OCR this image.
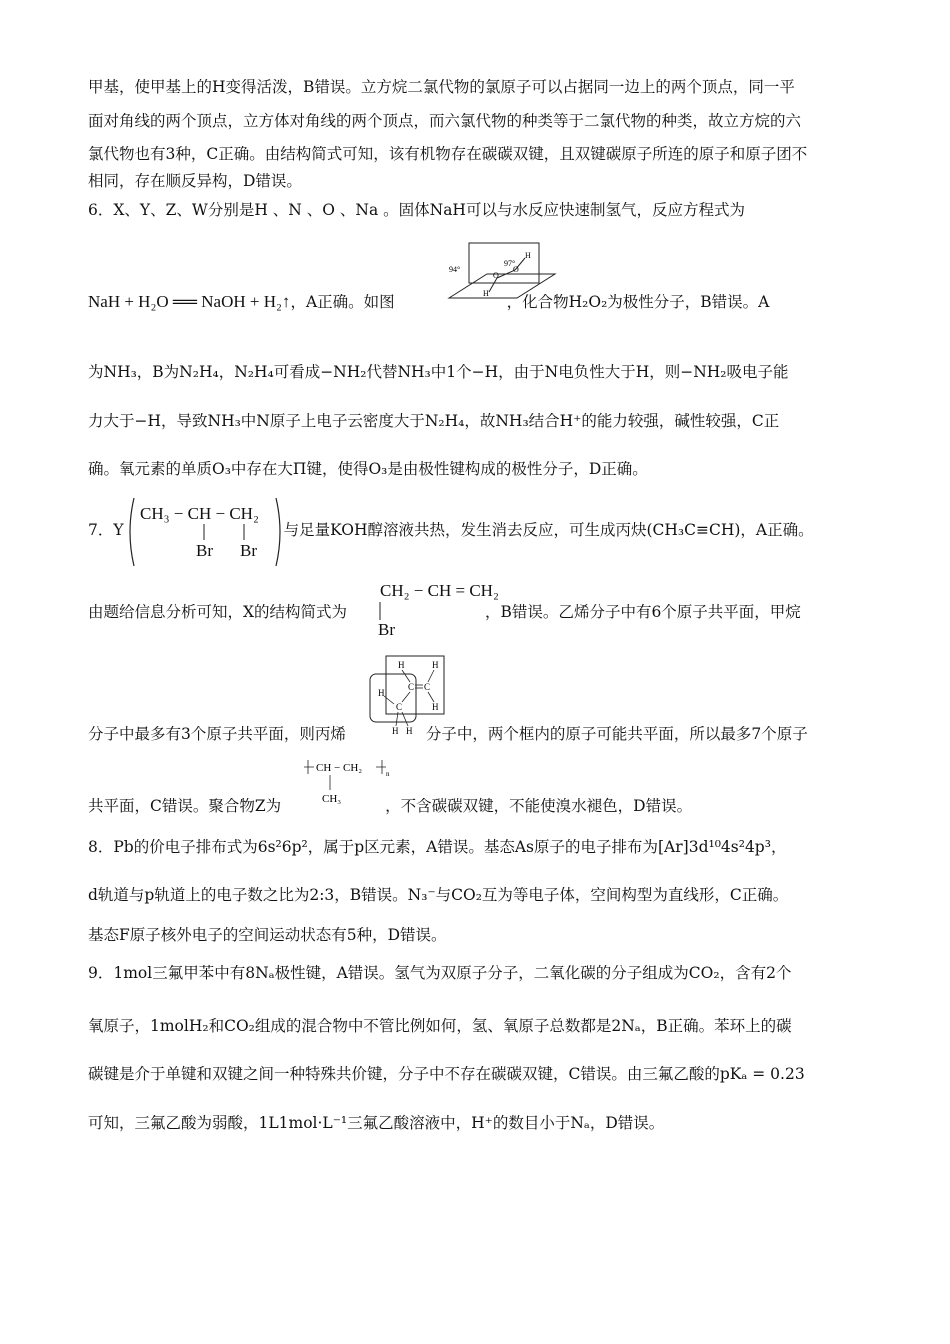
甲基，使甲基上的H变得活泼，B错误。立方烷二氯代物的氯原子可以占据同一边上的两个顶点，同一平
面对角线的两个顶点，立方体对角线的两个顶点，而六氯代物的种类等于二氯代物的种类，故立方烷的六
氯代物也有3种，C正确。由结构简式可知，该有机物存在碳碳双键，且双键碳原子所连的原子和原子团不
相同，存在顺反异构，D错误。
6．X、Y、Z、W分别是H 、N 、O 、Na 。固体NaH可以与水反应快速制氢气，反应方程式为
NaH + H₂O ══ NaOH + H₂↑，A正确。如图	，化合物H₂O₂为极性分子，B错误。A
94°
97°
O
O
H
H
为NH₃，B为N₂H₄，N₂H₄可看成−NH₂代替NH₃中1个−H，由于N电负性大于H，则−NH₂吸电子能
力大于−H，导致NH₃中N原子上电子云密度大于N₂H₄，故NH₃结合H⁺的能力较强，碱性较强，C正
确。氧元素的单质O₃中存在大Π键，使得O₃是由极性键构成的极性分子，D正确。
7．Y	与足量KOH醇溶液共热，发生消去反应，可生成丙炔(CH₃C≡CH)，A正确。
CH₃ − CH − CH₂
Br Br
CH₂ − CH = CH₂
Br
由题给信息分析可知，X的结构简式为	，B错误。乙烯分子中有6个原子共平面，甲烷
H	H
C C
C	H
H
H H
分子中最多有3个原子共平面，则丙烯	分子中，两个框内的原子可能共平面，所以最多7个原子
CH − CH₂	n
CH₃
共平面，C错误。聚合物Z为	，不含碳碳双键，不能使溴水褪色，D错误。
8．Pb的价电子排布式为6s²6p²，属于p区元素，A错误。基态As原子的电子排布为[Ar]3d¹⁰4s²4p³，
d轨道与p轨道上的电子数之比为2:3，B错误。N₃⁻与CO₂互为等电子体，空间构型为直线形，C正确。
基态F原子核外电子的空间运动状态有5种，D错误。
9．1mol三氟甲苯中有8Nₐ极性键，A错误。氢气为双原子分子，二氧化碳的分子组成为CO₂，含有2个
氧原子，1molH₂和CO₂组成的混合物中不管比例如何，氢、氧原子总数都是2Nₐ，B正确。苯环上的碳
碳键是介于单键和双键之间一种特殊共价键，分子中不存在碳碳双键，C错误。由三氟乙酸的pKₐ = 0.23
可知，三氟乙酸为弱酸，1L1mol·L⁻¹三氟乙酸溶液中，H⁺的数目小于Nₐ，D错误。
